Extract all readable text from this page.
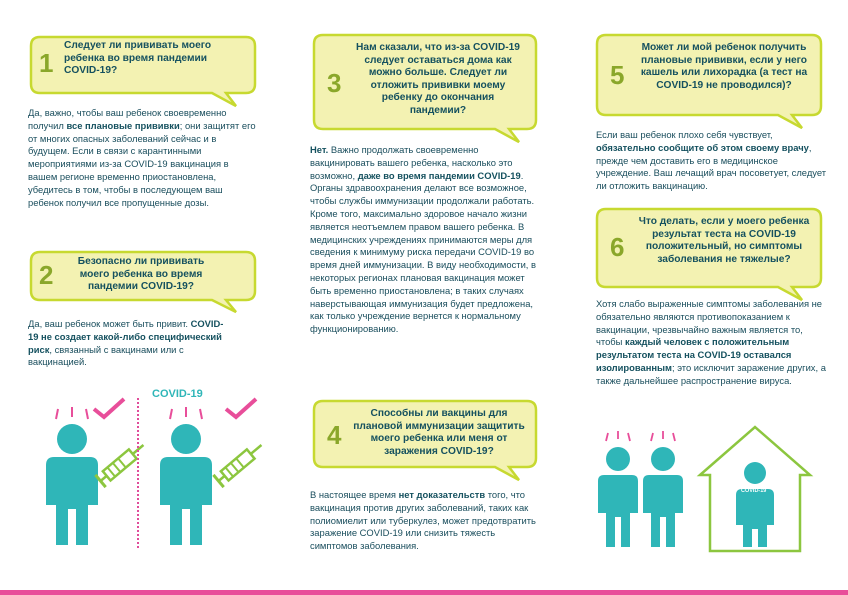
1
Следует ли прививать моего ребенка во время пандемии COVID-19?

Да, важно, чтобы ваш ребенок своевременно получил все плановые прививки; они защитят его от многих опасных заболеваний сейчас и в будущем. Если в связи с карантинными мероприятиями из-за COVID-19 вакцинация в вашем регионе временно приостановлена, убедитесь в том, чтобы в последующем ваш ребенок получил все пропущенные дозы.

2	Безопасно ли прививать моего ребенка во время пандемии COVID-19?

Да, ваш ребенок может быть привит. COVID-19 не создает какой-либо специфический риск, связанный с вакцинами или с вакцинацией.

COVID-19
3
Нам сказали, что из-за COVID-19 следует оставаться дома как можно больше. Следует ли отложить прививки моему ребенку до окончания пандемии?

Нет. Важно продолжать своевременно вакцинировать вашего ребенка, насколько это возможно, даже во время пандемии COVID-19. Органы здравоохранения делают все возможное, чтобы службы иммунизации продолжали работать. Кроме того, максимально здоровое начало жизни является неотъемлем правом вашего ребенка. В медицинских учреждениях принимаются меры для сведения к минимуму риска передачи COVID-19 во время дней иммунизации. В виду необходимости, в некоторых регионах плановая вакцинация может быть временно приостановлена; в таких случаях наверстывающая иммунизация будет предложена, как только учреждение вернется к нормальному функционированию.

4
Способны ли вакцины для плановой иммунизации защитить моего ребенка или меня от заражения COVID-19?

В настоящее время нет доказательств того, что вакцинация против других заболеваний, таких как полиомиелит или туберкулез, может предотвратить заражение COVID-19 или снизить тяжесть симптомов заболевания.

5
Может ли мой ребенок получить плановые прививки, если у него кашель или лихорадка (а тест на COVID-19 не проводился)?

Если ваш ребенок плохо себя чувствует, обязательно сообщите об этом своему врачу, прежде чем доставить его в медицинское учреждение. Ваш лечащий врач посоветует, следует ли отложить вакцинацию.

6
Что делать, если у моего ребенка результат теста на COVID-19 положительный, но симптомы заболевания не тяжелые?

Хотя слабо выраженные симптомы заболевания не обязательно являются противопоказанием к вакцинации, чрезвычайно важным является то, чтобы каждый человек с положительным результатом теста на COVID-19 оставался изолированным; это исключит заражение других, а также дальнейшее распространение вируса.

COVID-19
